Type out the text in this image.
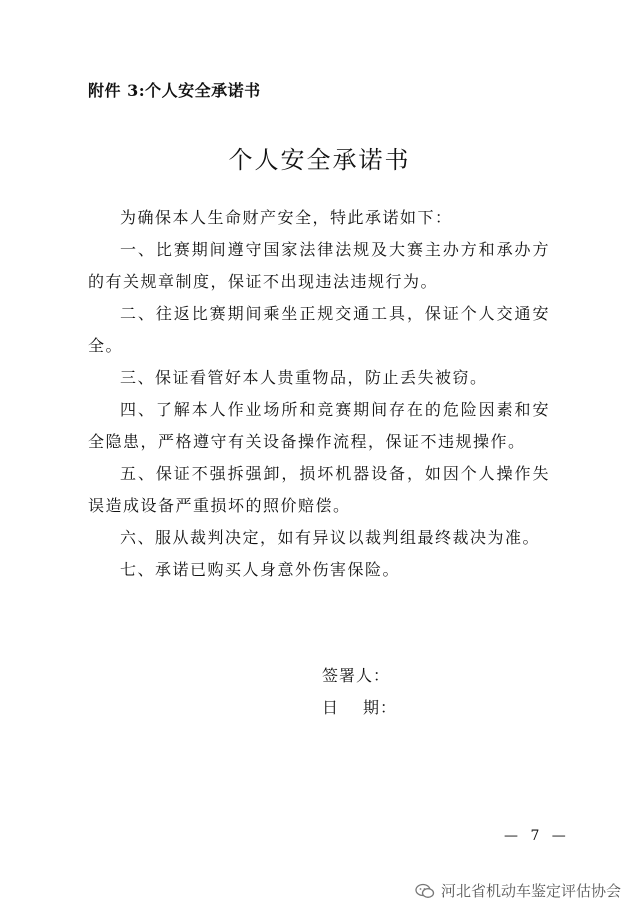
附件 3:个人安全承诺书
个人安全承诺书

为确保本人生命财产安全，特此承诺如下：

一、比赛期间遵守国家法律法规及大赛主办方和承办方的有关规章制度，保证不出现违法违规行为。

二、往返比赛期间乘坐正规交通工具，保证个人交通安全。

三、保证看管好本人贵重物品，防止丢失被窃。

四、了解本人作业场所和竞赛期间存在的危险因素和安全隐患，严格遵守有关设备操作流程，保证不违规操作。

五、保证不强拆强卸，损坏机器设备，如因个人操作失误造成设备严重损坏的照价赔偿。

六、服从裁判决定，如有异议以裁判组最终裁决为准。

七、承诺已购买人身意外伤害保险。

签署人：
日 期：
— 7 —
河北省机动车鉴定评估协会
